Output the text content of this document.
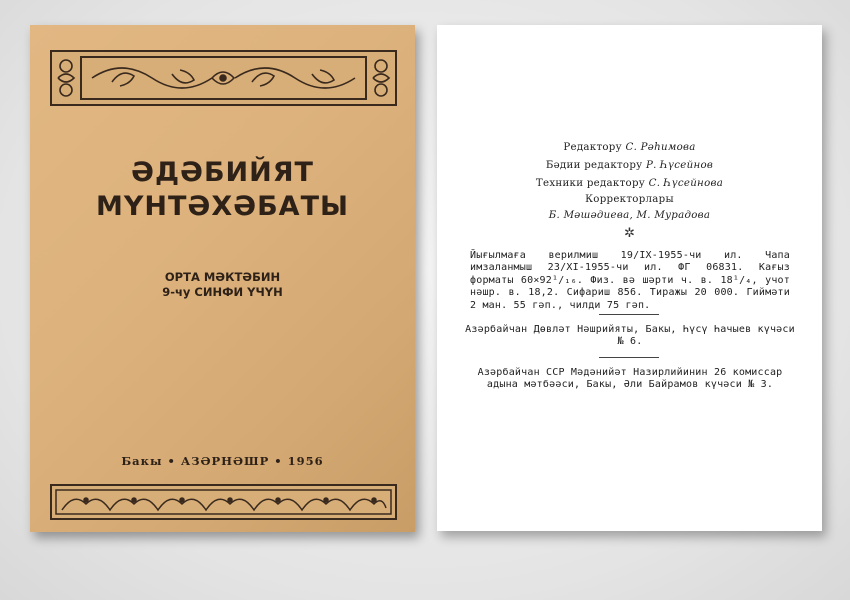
ӘДӘБИЙЯТ
МҮНТӘХӘБАТЫ
ОРТА МӘКТӘБИН
9-чу СИНФИ ҮЧҮН
Бакы • АЗӘРНӘШР • 1956
Редактору С. Рәһимова
Бәдии редактору Р. Һүсейнов
Техники редактору С. Һүсейнова
Корректорлары
Б. Мәшәдиева, М. Мурадова
✲
Йығылмаға верилмиш 19/IX-1955-чи ил. Чапа имзаланмыш 23/XI-1955-чи ил. ФГ 06831. Кағыз форматы 60×92¹/₁₆. Физ. вә шәрти ч. в. 18¹/₄, учот нәшр. в. 18,2. Сифариш 856. Тиражы 20 000. Гиймәти 2 ман. 55 гәп., чилди 75 гәп.
Азәрбайчан Дөвләт Нәшрийяты, Бакы, Һүсү Һачыев күчәси № 6.
Азәрбайчан ССР Мәдәнийәт Назирлийинин 26 комиссар адына мәтбәәси, Бакы, Әли Байрамов күчәси № 3.
